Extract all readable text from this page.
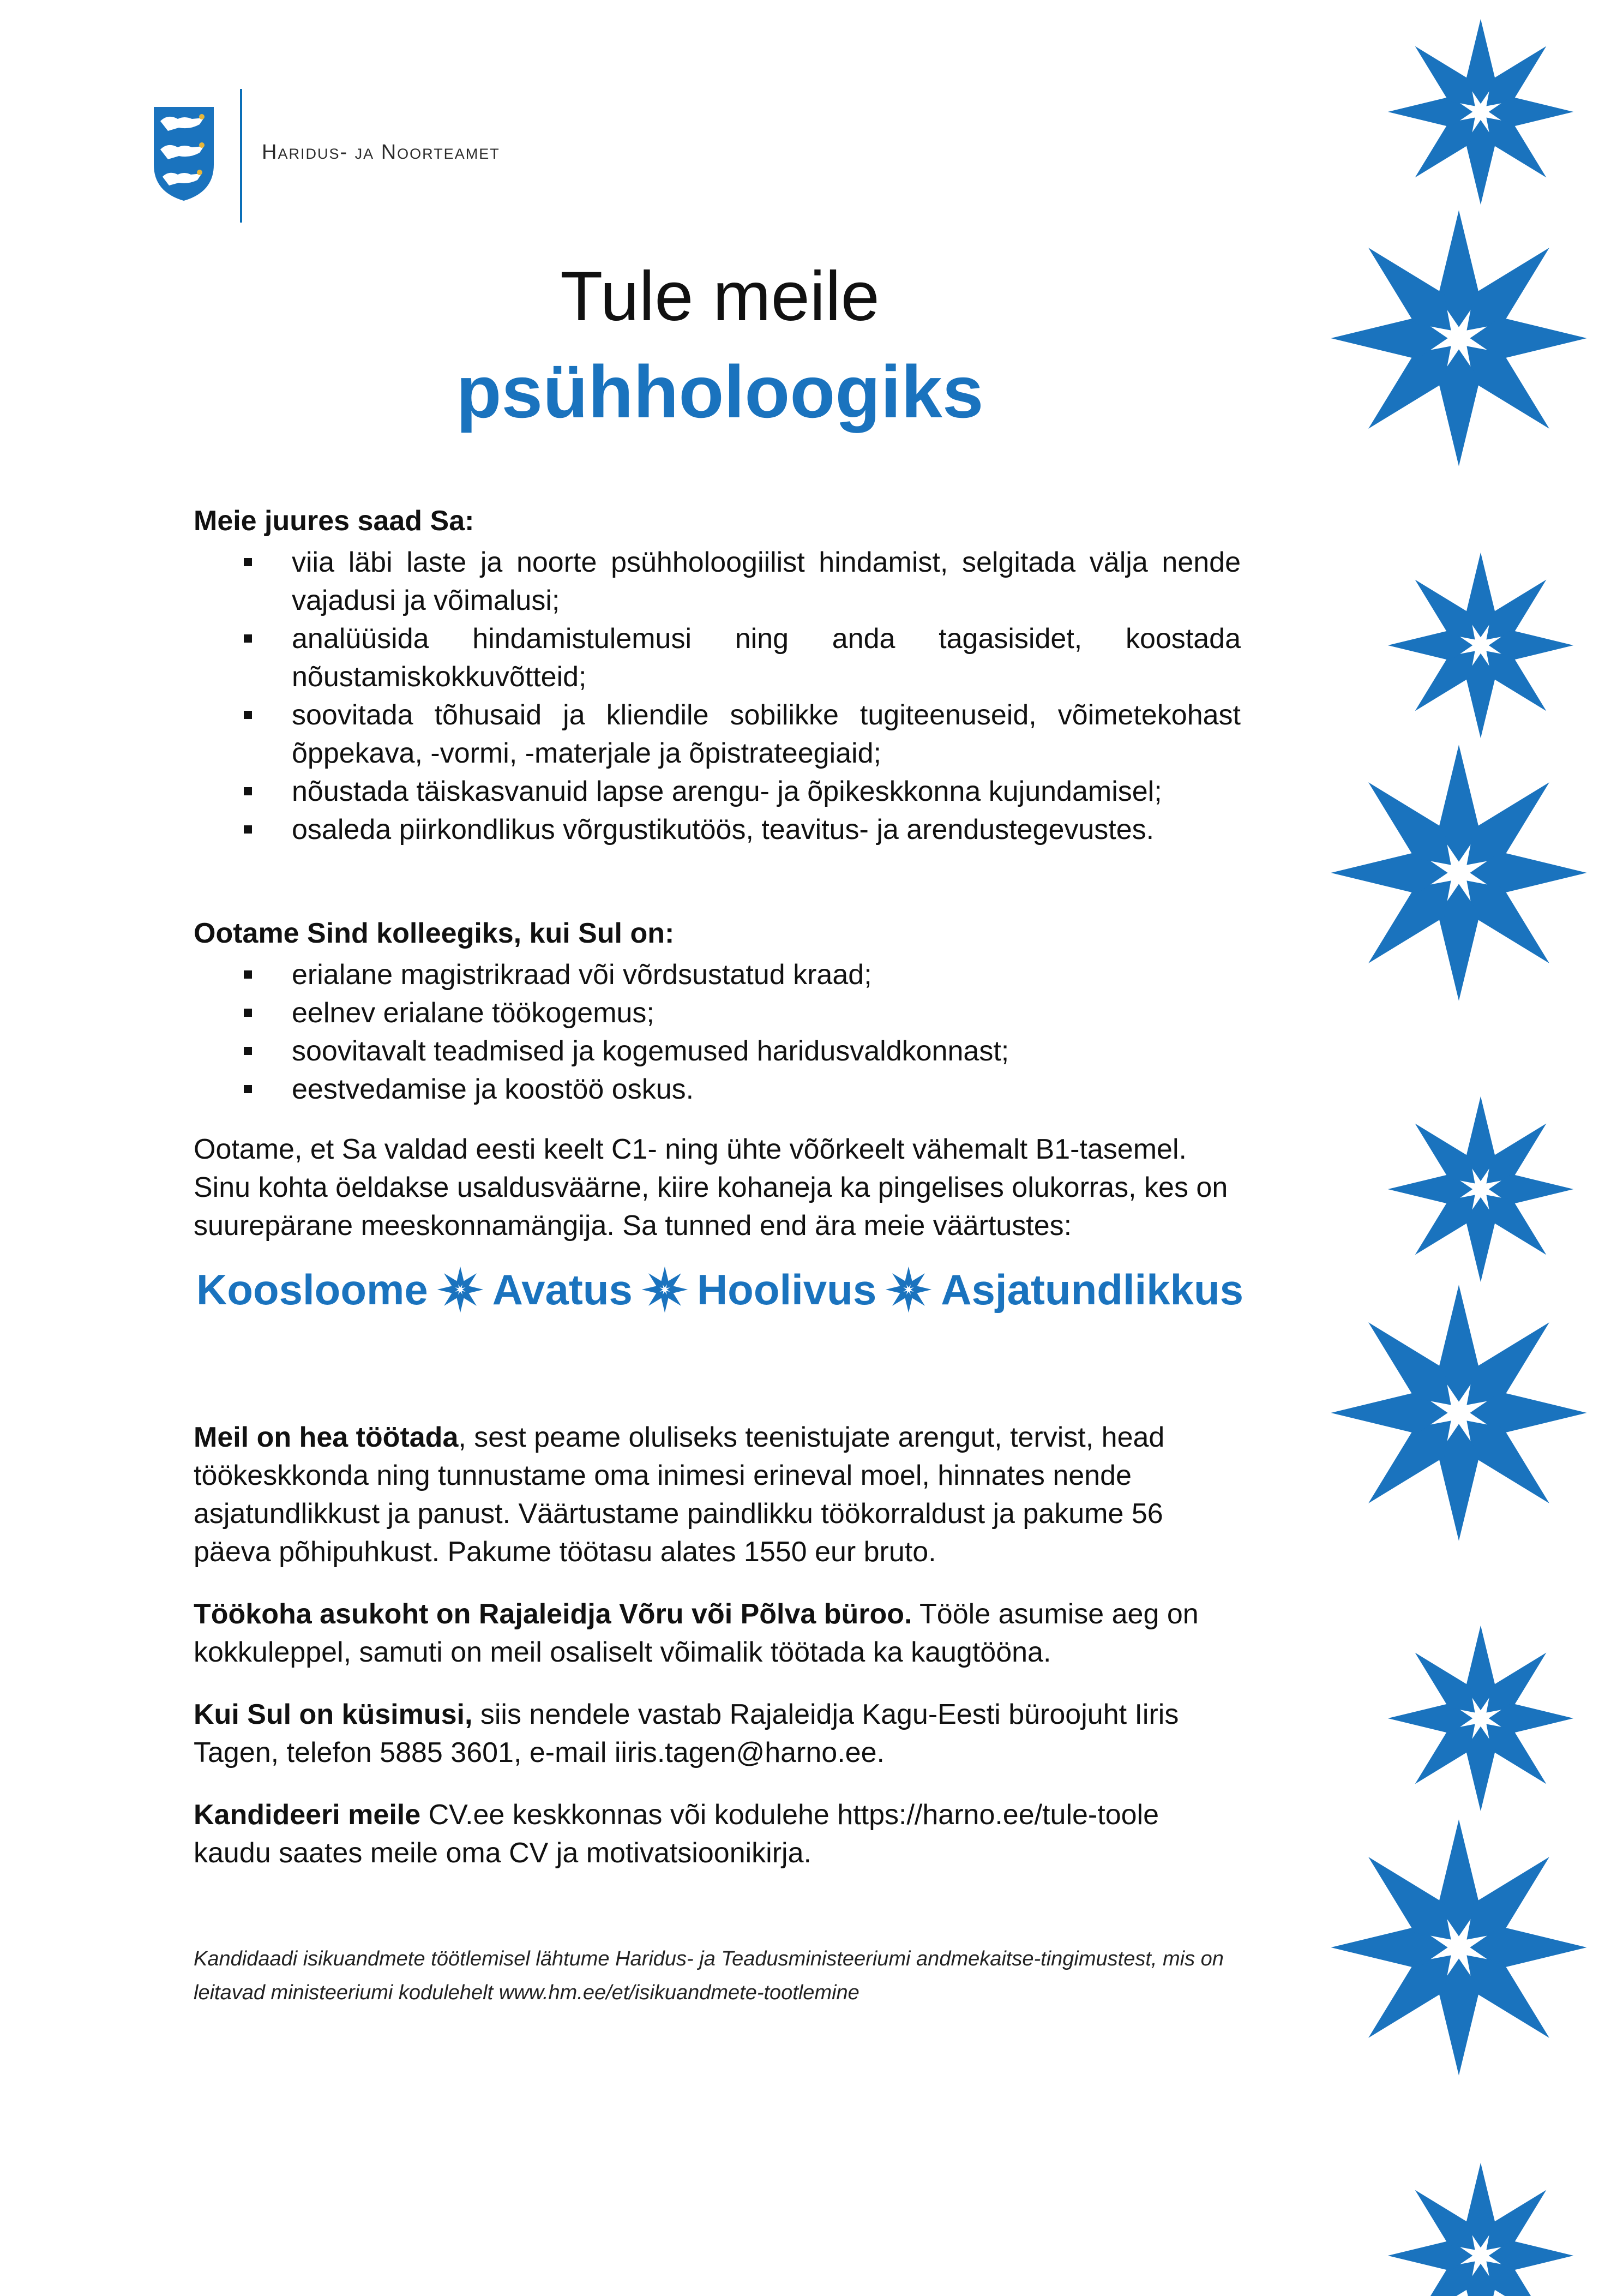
Haridus- ja Noorteamet
Tule meile
psühholoogiks
Meie juures saad Sa:
viia läbi laste ja noorte psühholoogiilist hindamist, selgitada välja nende vajadusi ja võimalusi;
analüüsida hindamistulemusi ning anda tagasisidet, koostada nõustamiskokkuvõtteid;
soovitada tõhusaid ja kliendile sobilikke tugiteenuseid, võimetekohast õppekava, -vormi, -materjale ja õpistrateegiaid;
nõustada täiskasvanuid lapse arengu- ja õpikeskkonna kujundamisel;
osaleda piirkondlikus võrgustikutöös, teavitus- ja arendustegevustes.
Ootame Sind kolleegiks, kui Sul on:
erialane magistrikraad või võrdsustatud kraad;
eelnev erialane töökogemus;
soovitavalt teadmised ja kogemused haridusvaldkonnast;
eestvedamise ja koostöö oskus.

Ootame, et Sa valdad eesti keelt C1- ning ühte võõrkeelt vähemalt B1-tasemel. Sinu kohta öeldakse usaldusväärne, kiire kohaneja ka pingelises olukorras, kes on suurepärane meeskonnamängija. Sa tunned end ära meie väärtustes:

Koosloome Avatus Hoolivus Asjatundlikkus

Meil on hea töötada, sest peame oluliseks teenistujate arengut, tervist, head töökeskkonda ning tunnustame oma inimesi erineval moel, hinnates nende asjatundlikkust ja panust. Väärtustame paindlikku töökorraldust ja pakume 56 päeva põhipuhkust. Pakume töötasu alates 1550 eur bruto.

Töökoha asukoht on Rajaleidja Võru või Põlva büroo. Tööle asumise aeg on kokkuleppel, samuti on meil osaliselt võimalik töötada ka kaugtööna.

Kui Sul on küsimusi, siis nendele vastab Rajaleidja Kagu-Eesti büroojuht Iiris Tagen, telefon 5885 3601, e-mail iiris.tagen@harno.ee.

Kandideeri meile CV.ee keskkonnas või kodulehe https://harno.ee/tule-toole kaudu saates meile oma CV ja motivatsioonikirja.

Kandidaadi isikuandmete töötlemisel lähtume Haridus- ja Teadusministeeriumi andmekaitse-tingimustest, mis on leitavad ministeeriumi kodulehelt www.hm.ee/et/isikuandmete-tootlemine
